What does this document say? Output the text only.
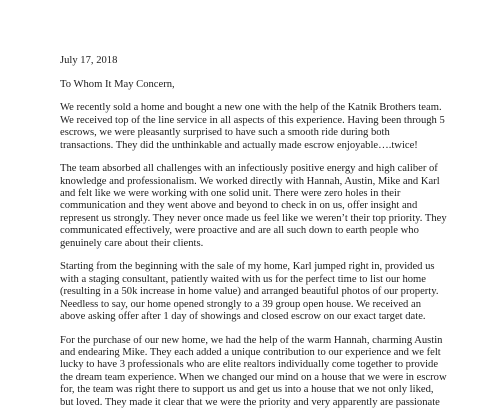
July 17, 2018

To Whom It May Concern,

We recently sold a home and bought a new one with the help of the Katnik Brothers team.

We received top of the line service in all aspects of this experience. Having been through 5

escrows, we were pleasantly surprised to have such a smooth ride during both

transactions. They did the unthinkable and actually made escrow enjoyable….twice!

The team absorbed all challenges with an infectiously positive energy and high caliber of

knowledge and professionalism. We worked directly with Hannah, Austin, Mike and Karl

and felt like we were working with one solid unit. There were zero holes in their

communication and they went above and beyond to check in on us, offer insight and

represent us strongly. They never once made us feel like we weren’t their top priority. They

communicated effectively, were proactive and are all such down to earth people who

genuinely care about their clients.

Starting from the beginning with the sale of my home, Karl jumped right in, provided us

with a staging consultant, patiently waited with us for the perfect time to list our home

(resulting in a 50k increase in home value) and arranged beautiful photos of our property.

Needless to say, our home opened strongly to a 39 group open house. We received an

above asking offer after 1 day of showings and closed escrow on our exact target date.

For the purchase of our new home, we had the help of the warm Hannah, charming Austin

and endearing Mike. They each added a unique contribution to our experience and we felt

lucky to have 3 professionals who are elite realtors individually come together to provide

the dream team experience. When we changed our mind on a house that we were in escrow

for, the team was right there to support us and get us into a house that we not only liked,

but loved. They made it clear that we were the priority and very apparently are passionate
